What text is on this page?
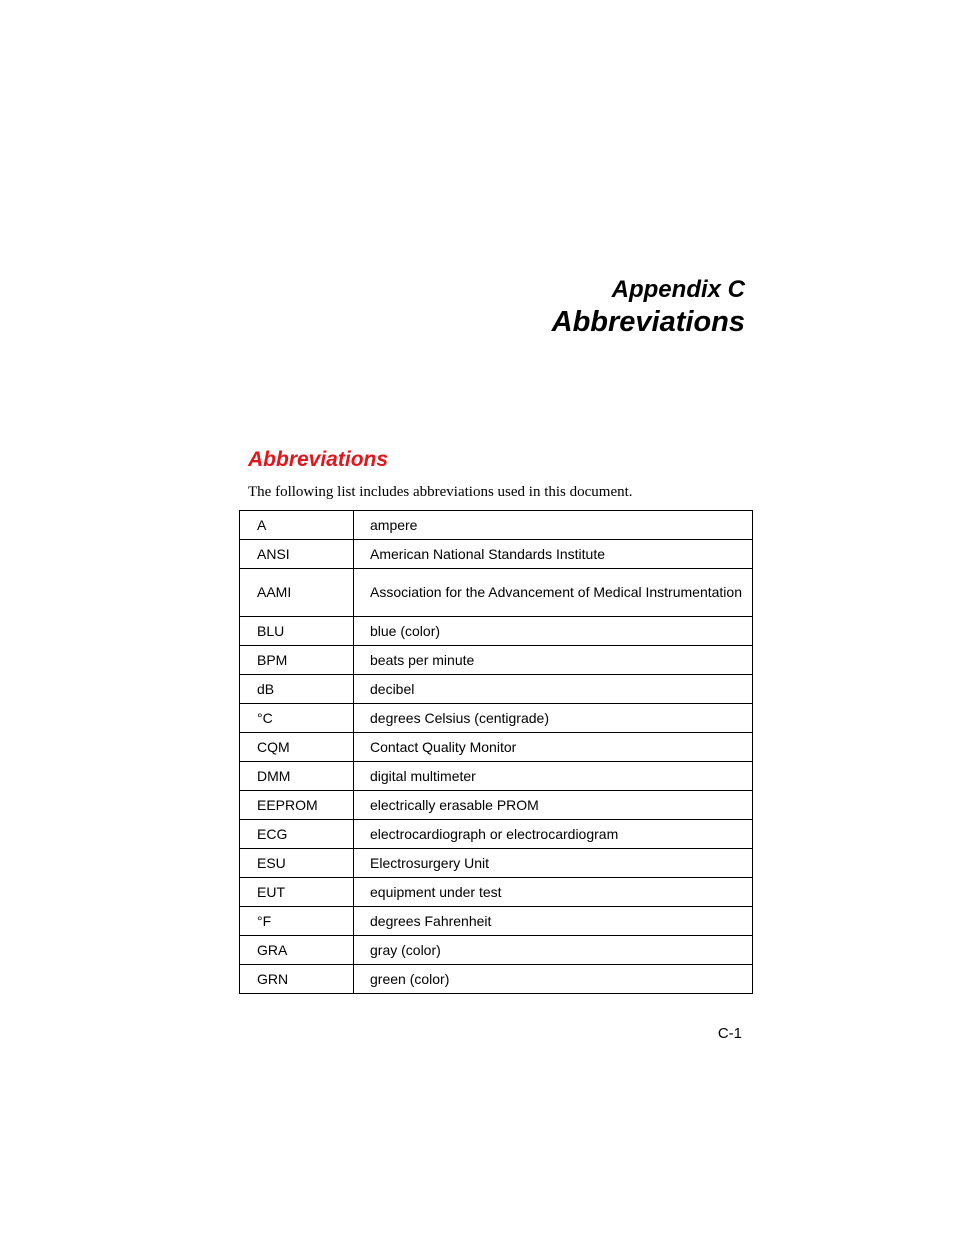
Appendix C
Abbreviations
Abbreviations

The following list includes abbreviations used in this document.

A	ampere
ANSI	American National Standards Institute
AAMI	Association for the Advancement of Medical Instrumentation
BLU	blue (color)
BPM	beats per minute
dB	decibel
°C	degrees Celsius (centigrade)
CQM	Contact Quality Monitor
DMM	digital multimeter
EEPROM	electrically erasable PROM
ECG	electrocardiograph or electrocardiogram
ESU	Electrosurgery Unit
EUT	equipment under test
°F	degrees Fahrenheit
GRA	gray (color)
GRN	green (color)

C-1
